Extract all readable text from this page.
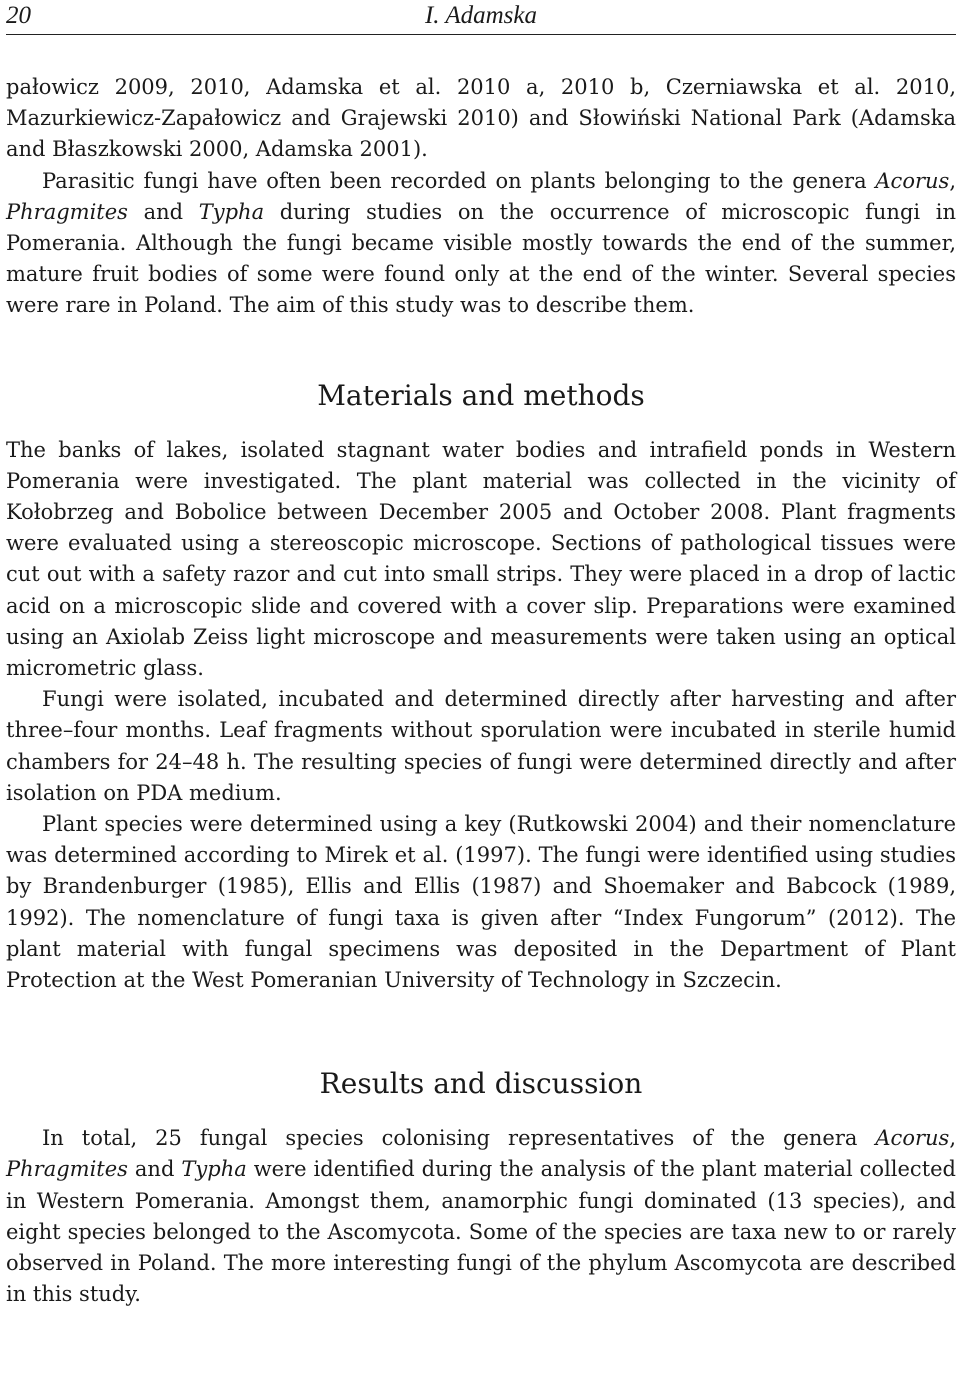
20	I. Adamska

pałowicz 2009, 2010, Adamska et al. 2010 a, 2010 b, Czerniawska et al. 2010, Mazurkiewicz-Zapałowicz and Grajewski 2010) and Słowiński National Park (Adamska and Błaszkowski 2000, Adamska 2001).

Parasitic fungi have often been recorded on plants belonging to the genera Acorus, Phragmites and Typha during studies on the occurrence of microscopic fungi in Pomerania. Although the fungi became visible mostly towards the end of the summer, mature fruit bodies of some were found only at the end of the winter. Several species were rare in Poland. The aim of this study was to describe them.

Materials and methods

The banks of lakes, isolated stagnant water bodies and intrafield ponds in Western Pomerania were investigated. The plant material was collected in the vicinity of Kołobrzeg and Bobolice between December 2005 and October 2008. Plant fragments were evaluated using a stereoscopic microscope. Sections of pathological tissues were cut out with a safety razor and cut into small strips. They were placed in a drop of lactic acid on a microscopic slide and covered with a cover slip. Preparations were examined using an Axiolab Zeiss light microscope and measurements were taken using an optical micrometric glass.

Fungi were isolated, incubated and determined directly after harvesting and after three–four months. Leaf fragments without sporulation were incubated in sterile humid chambers for 24–48 h. The resulting species of fungi were determined directly and after isolation on PDA medium.

Plant species were determined using a key (Rutkowski 2004) and their nomenclature was determined according to Mirek et al. (1997). The fungi were identified using studies by Brandenburger (1985), Ellis and Ellis (1987) and Shoemaker and Babcock (1989, 1992). The nomenclature of fungi taxa is given after “Index Fungorum” (2012). The plant material with fungal specimens was deposited in the Department of Plant Protection at the West Pomeranian University of Technology in Szczecin.

Results and discussion

In total, 25 fungal species colonising representatives of the genera Acorus, Phragmites and Typha were identified during the analysis of the plant material collected in Western Pomerania. Amongst them, anamorphic fungi dominated (13 species), and eight species belonged to the Ascomycota. Some of the species are taxa new to or rarely observed in Poland. The more interesting fungi of the phylum Ascomycota are described in this study.
